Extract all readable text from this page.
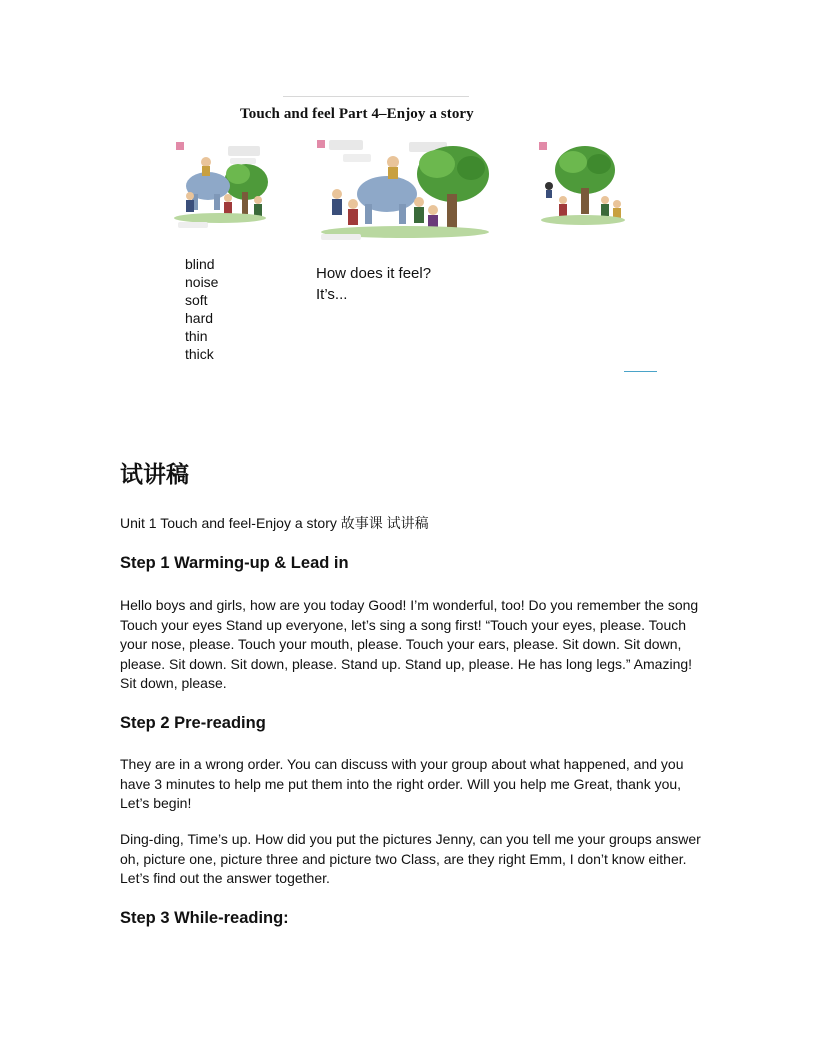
Touch and feel Part 4–Enjoy a story
blind
noise
soft
hard
thin
thick
How does it feel?
It’s...
试讲稿
Unit 1 Touch and feel-Enjoy a story 故事课 试讲稿
Step 1 Warming-up & Lead in

Hello boys and girls, how are you today Good! I’m wonderful, too! Do you remember the song Touch your eyes Stand up everyone, let’s sing a song first! “Touch your eyes, please. Touch your nose, please. Touch your mouth, please. Touch your ears, please. Sit down. Sit down, please. Sit down. Sit down, please. Stand up. Stand up, please. He has long legs.” Amazing! Sit down, please.

Step 2 Pre-reading

They are in a wrong order. You can discuss with your group about what happened, and you have 3 minutes to help me put them into the right order. Will you help me Great, thank you, Let’s begin!

Ding-ding, Time’s up. How did you put the pictures Jenny, can you tell me your groups answer oh, picture one, picture three and picture two Class, are they right Emm, I don’t know either. Let’s find out the answer together.

Step 3 While-reading:
